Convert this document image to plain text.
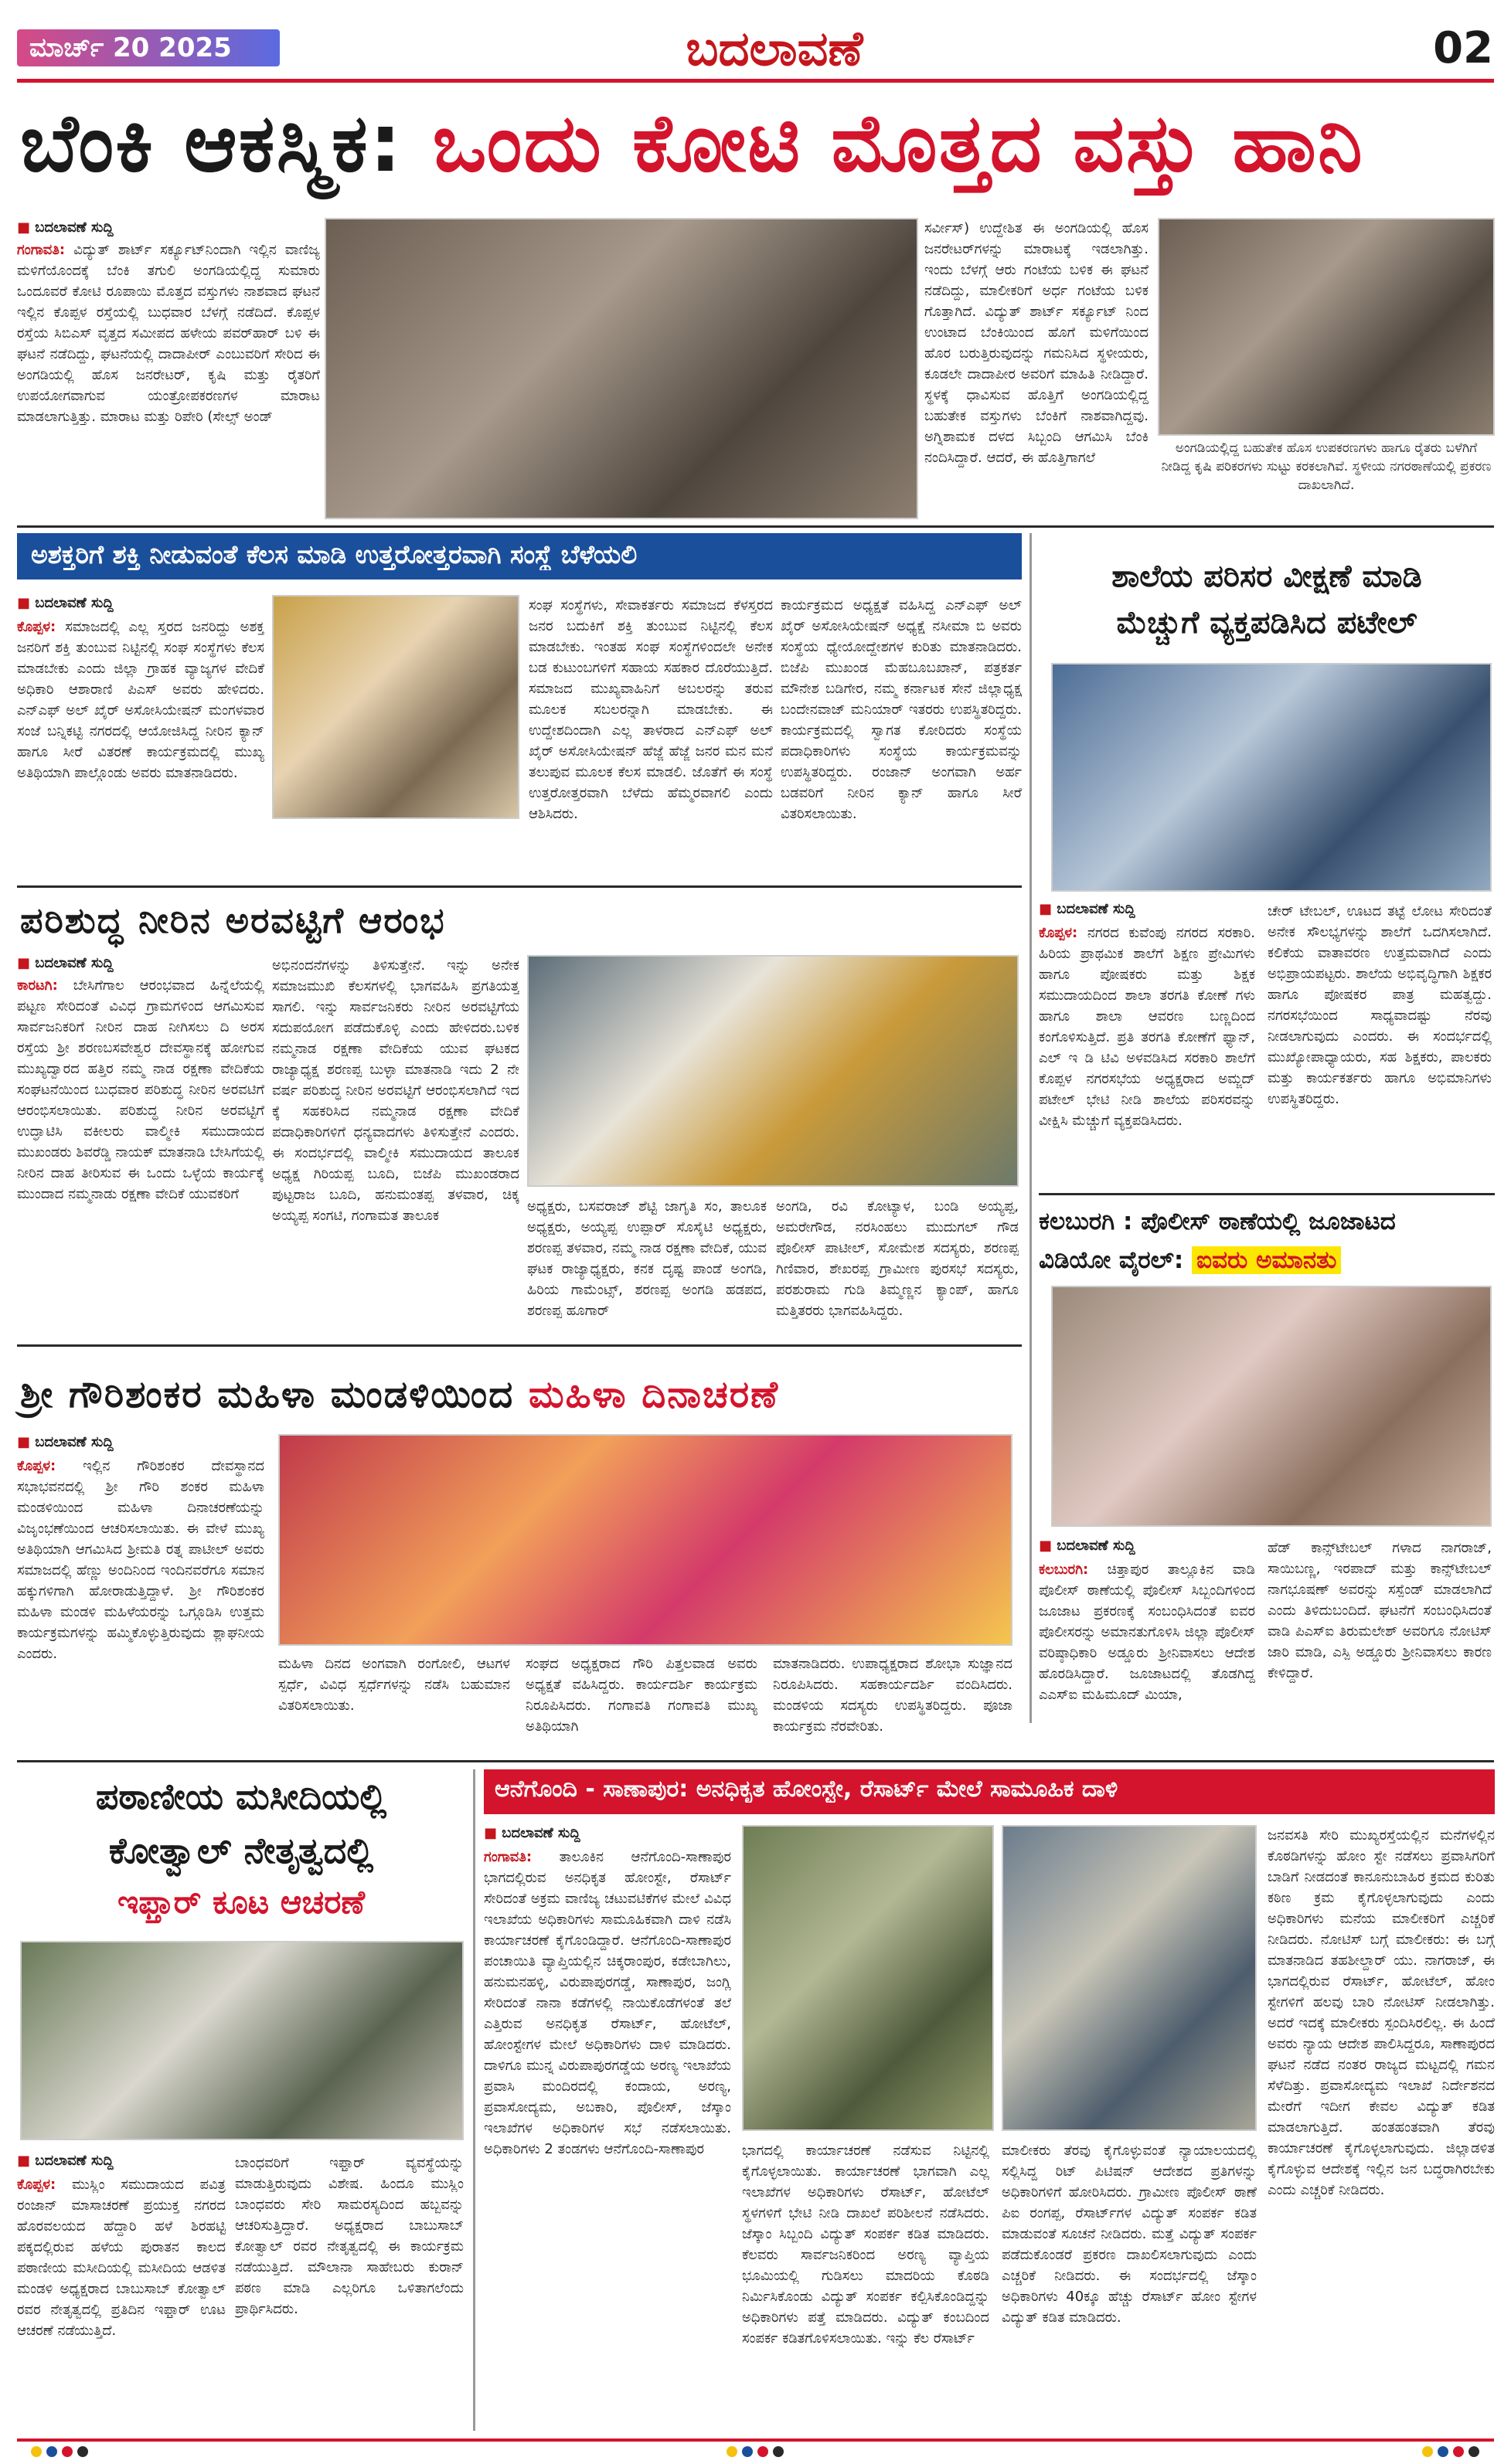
ಮಾರ್ಚ್ 20 2025	ಬದಲಾವಣೆ	02
ಬೆಂಕಿ ಆಕಸ್ಮಿಕ: ಒಂದು ಕೋಟಿ ಮೊತ್ತದ ವಸ್ತು ಹಾನಿ
■ ಬದಲಾವಣೆ ಸುದ್ದಿ
ಗಂಗಾವತಿ: ವಿದ್ಯುತ್ ಶಾರ್ಟ್ ಸರ್ಕ್ಯೂಟ್‌ನಿಂದಾಗಿ ಇಲ್ಲಿನ ವಾಣಿಜ್ಯ ಮಳಿಗೆಯೊಂದಕ್ಕೆ ಬೆಂಕಿ ತಗುಲಿ ಅಂಗಡಿಯಲ್ಲಿದ್ದ ಸುಮಾರು ಒಂದೂವರೆ ಕೋಟಿ ರೂಪಾಯಿ ಮೊತ್ತದ ವಸ್ತುಗಳು ನಾಶವಾದ ಘಟನೆ ಇಲ್ಲಿನ ಕೊಪ್ಪಳ ರಸ್ತೆಯಲ್ಲಿ ಬುಧವಾರ ಬೆಳಗ್ಗೆ ನಡೆದಿದೆ. ಕೊಪ್ಪಳ ರಸ್ತೆಯ ಸಿಬಿಎಸ್ ವೃತ್ತದ ಸಮೀಪದ ಹಳೇಯ ಪವರ್‌ಹಾರ್ ಬಳಿ ಈ ಘಟನೆ ನಡೆದಿದ್ದು, ಘಟನೆಯಲ್ಲಿ ದಾದಾಪೀರ್ ಎಂಬುವರಿಗೆ ಸೇರಿದ ಈ ಅಂಗಡಿಯಲ್ಲಿ ಹೊಸ ಜನರೇಟರ್, ಕೃಷಿ ಮತ್ತು ರೈತರಿಗೆ ಉಪಯೋಗವಾಗುವ ಯಂತ್ರೋಪಕರಣಗಳ ಮಾರಾಟ ಮಾಡಲಾಗುತ್ತಿತ್ತು. ಮಾರಾಟ ಮತ್ತು ರಿಪೇರಿ (ಸೇಲ್ಸ್ ಅಂಡ್
ಸರ್ವೀಸ್) ಉದ್ದೇಶಿತ ಈ ಅಂಗಡಿಯಲ್ಲಿ ಹೊಸ ಜನರೇಟರ್‌ಗಳನ್ನು ಮಾರಾಟಕ್ಕೆ ಇಡಲಾಗಿತ್ತು. ಇಂದು ಬೆಳಗ್ಗೆ ಆರು ಗಂಟೆಯ ಬಳಿಕ ಈ ಘಟನೆ ನಡೆದಿದ್ದು, ಮಾಲೀಕರಿಗೆ ಅರ್ಧ ಗಂಟೆಯ ಬಳಿಕ ಗೊತ್ತಾಗಿದೆ. ವಿದ್ಯುತ್ ಶಾರ್ಟ್ ಸರ್ಕ್ಯೂಟ್ ನಿಂದ ಉಂಟಾದ ಬೆಂಕಿಯಿಂದ ಹೊಗೆ ಮಳಿಗೆಯಿಂದ ಹೊರ ಬರುತ್ತಿರುವುದನ್ನು ಗಮನಿಸಿದ ಸ್ಥಳೀಯರು, ಕೂಡಲೇ ದಾದಾಪೀರ ಅವರಿಗೆ ಮಾಹಿತಿ ನೀಡಿದ್ದಾರೆ. ಸ್ಥಳಕ್ಕೆ ಧಾವಿಸುವ ಹೊತ್ತಿಗೆ ಅಂಗಡಿಯಲ್ಲಿದ್ದ ಬಹುತೇಕ ವಸ್ತುಗಳು ಬೆಂಕಿಗೆ ನಾಶವಾಗಿದ್ದವು. ಅಗ್ನಿಶಾಮಕ ದಳದ ಸಿಬ್ಬಂದಿ ಆಗಮಿಸಿ ಬೆಂಕಿ ನಂದಿಸಿದ್ದಾರೆ. ಆದರೆ, ಈ ಹೊತ್ತಿಗಾಗಲೆ
ಅಂಗಡಿಯಲ್ಲಿದ್ದ ಬಹುತೇಕ ಹೊಸ ಉಪಕರಣಗಳು ಹಾಗೂ ರೈತರು ಬಳೆಗಿಗೆ ನೀಡಿದ್ದ ಕೃಷಿ ಪರಿಕರಗಳು ಸುಟ್ಟು ಕರಕಲಾಗಿವೆ. ಸ್ಥಳೀಯ ನಗರಠಾಣೆಯಲ್ಲಿ ಪ್ರಕರಣ ದಾಖಲಾಗಿದೆ.
ಅಶಕ್ತರಿಗೆ ಶಕ್ತಿ ನೀಡುವಂತೆ ಕೆಲಸ ಮಾಡಿ ಉತ್ತರೋತ್ತರವಾಗಿ ಸಂಸ್ಥೆ ಬೆಳೆಯಲಿ
■ ಬದಲಾವಣೆ ಸುದ್ದಿ
ಕೊಪ್ಪಳ: ಸಮಾಜದಲ್ಲಿ ಎಲ್ಲ ಸ್ತರದ ಜನರಿದ್ದು ಅಶಕ್ತ ಜನರಿಗೆ ಶಕ್ತಿ ತುಂಬುವ ನಿಟ್ಟಿನಲ್ಲಿ ಸಂಘ ಸಂಸ್ಥೆಗಳು ಕೆಲಸ ಮಾಡಬೇಕು ಎಂದು ಜಿಲ್ಲಾ ಗ್ರಾಹಕ ವ್ಯಾಜ್ಯಗಳ ವೇದಿಕೆ ಅಧಿಕಾರಿ ಆಶಾರಾಣಿ ಪಿಎಸ್ ಅವರು ಹೇಳಿದರು. ಎನ್‌ಎಫ್ ಅಲ್ ಖೈರ್ ಅಸೋಸಿಯೇಷನ್ ಮಂಗಳವಾರ ಸಂಜೆ ಬನ್ನಿಕಟ್ಟಿ ನಗರದಲ್ಲಿ ಆಯೋಜಿಸಿದ್ದ ನೀರಿನ ಕ್ಯಾನ್ ಹಾಗೂ ಸೀರೆ ವಿತರಣೆ ಕಾರ್ಯಕ್ರಮದಲ್ಲಿ ಮುಖ್ಯ ಅತಿಥಿಯಾಗಿ ಪಾಲ್ಗೊಂಡು ಅವರು ಮಾತನಾಡಿದರು.
ಸಂಘ ಸಂಸ್ಥೆಗಳು, ಸೇವಾಕರ್ತರು ಸಮಾಜದ ಕೆಳಸ್ತರದ ಜನರ ಬದುಕಿಗೆ ಶಕ್ತಿ ತುಂಬುವ ನಿಟ್ಟಿನಲ್ಲಿ ಕೆಲಸ ಮಾಡಬೇಕು. ಇಂತಹ ಸಂಘ ಸಂಸ್ಥೆಗಳಿಂದಲೇ ಅನೇಕ ಬಡ ಕುಟುಂಬಗಳಿಗೆ ಸಹಾಯ ಸಹಕಾರ ದೊರೆಯುತ್ತಿದೆ. ಸಮಾಜದ ಮುಖ್ಯವಾಹಿನಿಗೆ ಅಬಲರನ್ನು ತರುವ ಮೂಲಕ ಸಬಲರನ್ನಾಗಿ ಮಾಡಬೇಕು. ಈ ಉದ್ದೇಶದಿಂದಾಗಿ ಎಲ್ಲ ತಾಳರಾದ ಎನ್‌ಎಫ್ ಅಲ್ ಖೈರ್ ಅಸೋಸಿಯೇಷನ್ ಹೆಜ್ಜೆ ಹೆಜ್ಜೆ ಜನರ ಮನ ಮನೆ ತಲುಪುವ ಮೂಲಕ ಕೆಲಸ ಮಾಡಲಿ. ಜೊತೆಗೆ ಈ ಸಂಸ್ಥೆ ಉತ್ತರೋತ್ತರವಾಗಿ ಬೆಳೆದು ಹೆಮ್ಮರವಾಗಲಿ ಎಂದು ಆಶಿಸಿದರು.
ಕಾರ್ಯಕ್ರಮದ ಅಧ್ಯಕ್ಷತೆ ವಹಿಸಿದ್ದ ಎನ್‌ಎಫ್ ಅಲ್ ಖೈರ್ ಅಸೋಸಿಯೇಷನ್ ಅಧ್ಯಕ್ಷೆ ನಸೀಮಾ ಬಿ ಅವರು ಸಂಸ್ಥೆಯ ಧ್ಯೇಯೋದ್ದೇಶಗಳ ಕುರಿತು ಮಾತನಾಡಿದರು. ಬಿಜೆಪಿ ಮುಖಂಡ ಮೆಹಬೂಬಖಾನ್, ಪತ್ರಕರ್ತ ಮೌನೇಶ ಬಡಿಗೇರ, ನಮ್ಮ ಕರ್ನಾಟಕ ಸೇನೆ ಜಿಲ್ಲಾಧ್ಯಕ್ಷ ಬಂದೇನವಾಜ್ ಮನಿಯಾರ್ ಇತರರು ಉಪಸ್ಥಿತರಿದ್ದರು. ಕಾರ್ಯಕ್ರಮದಲ್ಲಿ ಸ್ವಾಗತ ಕೋರಿದರು ಸಂಸ್ಥೆಯ ಪದಾಧಿಕಾರಿಗಳು ಸಂಸ್ಥೆಯ ಕಾರ್ಯಕ್ರಮವನ್ನು ಉಪಸ್ಥಿತರಿದ್ದರು. ರಂಜಾನ್ ಅಂಗವಾಗಿ ಅರ್ಹ ಬಡವರಿಗೆ ನೀರಿನ ಕ್ಯಾನ್ ಹಾಗೂ ಸೀರೆ ವಿತರಿಸಲಾಯಿತು.
ಶಾಲೆಯ ಪರಿಸರ ವೀಕ್ಷಣೆ ಮಾಡಿ
ಮೆಚ್ಚುಗೆ ವ್ಯಕ್ತಪಡಿಸಿದ ಪಟೇಲ್
■ ಬದಲಾವಣೆ ಸುದ್ದಿ
ಕೊಪ್ಪಳ: ನಗರದ ಕುವೆಂಪು ನಗರದ ಸರಕಾರಿ. ಹಿರಿಯ ಪ್ರಾಥಮಿಕ ಶಾಲೆಗೆ ಶಿಕ್ಷಣ ಪ್ರೇಮಿಗಳು ಹಾಗೂ ಪೋಷಕರು ಮತ್ತು ಶಿಕ್ಷಕ ಸಮುದಾಯದಿಂದ ಶಾಲಾ ತರಗತಿ ಕೋಣೆ ಗಳು ಹಾಗೂ ಶಾಲಾ ಆವರಣ ಬಣ್ಣದಿಂದ ಕಂಗೊಳಿಸುತ್ತಿದೆ. ಪ್ರತಿ ತರಗತಿ ಕೋಣೆಗೆ ಫ್ಯಾನ್, ಎಲ್ ಇ ಡಿ ಟಿವಿ ಅಳವಡಿಸಿದ ಸರಕಾರಿ ಶಾಲೆಗೆ ಕೊಪ್ಪಳ ನಗರಸಭೆಯ ಅಧ್ಯಕ್ಷರಾದ ಅಮ್ಜದ್ ಪಟೇಲ್ ಭೇಟಿ ನೀಡಿ ಶಾಲೆಯ ಪರಿಸರವನ್ನು ವೀಕ್ಷಿಸಿ ಮೆಚ್ಚುಗೆ ವ್ಯಕ್ತಪಡಿಸಿದರು.
ಚೇರ್ ಟೇಬಲ್, ಊಟದ ತಟ್ಟೆ ಲೋಟ ಸೇರಿದಂತೆ ಅನೇಕ ಸೌಲಭ್ಯಗಳನ್ನು ಶಾಲೆಗೆ ಒದಗಿಸಲಾಗಿದೆ. ಕಲಿಕೆಯ ವಾತಾವರಣ ಉತ್ತಮವಾಗಿದೆ ಎಂದು ಅಭಿಪ್ರಾಯಪಟ್ಟರು. ಶಾಲೆಯ ಅಭಿವೃದ್ಧಿಗಾಗಿ ಶಿಕ್ಷಕರ ಹಾಗೂ ಪೋಷಕರ ಪಾತ್ರ ಮಹತ್ವದ್ದು. ನಗರಸಭೆಯಿಂದ ಸಾಧ್ಯವಾದಷ್ಟು ನೆರವು ನೀಡಲಾಗುವುದು ಎಂದರು. ಈ ಸಂದರ್ಭದಲ್ಲಿ ಮುಖ್ಯೋಪಾಧ್ಯಾಯರು, ಸಹ ಶಿಕ್ಷಕರು, ಪಾಲಕರು ಮತ್ತು ಕಾರ್ಯಕರ್ತರು ಹಾಗೂ ಅಭಿಮಾನಿಗಳು ಉಪಸ್ಥಿತರಿದ್ದರು.
ಪರಿಶುದ್ಧ ನೀರಿನ ಅರವಟ್ಟಿಗೆ ಆರಂಭ
■ ಬದಲಾವಣೆ ಸುದ್ದಿ
ಕಾರಟಗಿ: ಬೇಸಿಗೆಗಾಲ ಆರಂಭವಾದ ಹಿನ್ನೆಲೆಯಲ್ಲಿ ಪಟ್ಟಣ ಸೇರಿದಂತೆ ವಿವಿಧ ಗ್ರಾಮಗಳಿಂದ ಆಗಮಿಸುವ ಸಾರ್ವಜನಿಕರಿಗೆ ನೀರಿನ ದಾಹ ನೀಗಿಸಲು ದಿ ಅರಸ ರಸ್ತೆಯ ಶ್ರೀ ಶರಣಬಸವೇಶ್ವರ ದೇವಸ್ಥಾನಕ್ಕೆ ಹೋಗುವ ಮುಖ್ಯದ್ವಾರದ ಹತ್ತಿರ ನಮ್ಮ ನಾಡ ರಕ್ಷಣಾ ವೇದಿಕೆಯ ಸಂಘಟನೆಯಿಂದ ಬುಧವಾರ ಪರಿಶುದ್ಧ ನೀರಿನ ಅರವಟಿಗೆ ಆರಂಭಿಸಲಾಯಿತು. ಪರಿಶುದ್ಧ ನೀರಿನ ಅರವಟ್ಟಿಗೆ ಉದ್ಘಾಟಿಸಿ ವಕೀಲರು ವಾಲ್ಮೀಕಿ ಸಮುದಾಯದ ಮುಖಂಡರು ಶಿವರೆಡ್ಡಿ ನಾಯಕ್ ಮಾತನಾಡಿ ಬೇಸಿಗೆಯಲ್ಲಿ ನೀರಿನ ದಾಹ ತೀರಿಸುವ ಈ ಒಂದು ಒಳ್ಳೆಯ ಕಾರ್ಯಕ್ಕೆ ಮುಂದಾದ ನಮ್ಮನಾಡು ರಕ್ಷಣಾ ವೇದಿಕೆ ಯುವಕರಿಗೆ
ಅಭಿನಂದನೆಗಳನ್ನು ತಿಳಿಸುತ್ತೇನೆ. ಇನ್ನು ಅನೇಕ ಸಮಾಜಮುಖಿ ಕೆಲಸಗಳಲ್ಲಿ ಭಾಗವಹಿಸಿ ಪ್ರಗತಿಯತ್ತ ಸಾಗಲಿ. ಇನ್ನು ಸಾರ್ವಜನಿಕರು ನೀರಿನ ಅರವಟ್ಟಿಗೆಯ ಸದುಪಯೋಗ ಪಡೆದುಕೊಳ್ಳಿ ಎಂದು ಹೇಳಿದರು.ಬಳಿಕ ನಮ್ಮನಾಡ ರಕ್ಷಣಾ ವೇದಿಕೆಯ ಯುವ ಘಟಕದ ರಾಜ್ಯಾಧ್ಯಕ್ಷ ಶರಣಪ್ಪ ಬುಳ್ಳಾ ಮಾತನಾಡಿ ಇದು 2 ನೇ ವರ್ಷ ಪರಿಶುದ್ಧ ನೀರಿನ ಅರವಟ್ಟಿಗೆ ಆರಂಭಿಸಲಾಗಿದೆ ಇದ ಕ್ಕೆ ಸಹಕರಿಸಿದ ನಮ್ಮನಾಡ ರಕ್ಷಣಾ ವೇದಿಕೆ ಪದಾಧಿಕಾರಿಗಳಿಗೆ ಧನ್ಯವಾದಗಳು ತಿಳಿಸುತ್ತೇನೆ ಎಂದರು. ಈ ಸಂದರ್ಭದಲ್ಲಿ ವಾಲ್ಮೀಕಿ ಸಮುದಾಯದ ತಾಲೂಕ ಅಧ್ಯಕ್ಷ ಗಿರಿಯಪ್ಪ ಬೂದಿ, ಬಿಜೆಪಿ ಮುಖಂಡರಾದ ಪುಟ್ಟರಾಜ ಬೂದಿ, ಹನುಮಂತಪ್ಪ ತಳವಾರ, ಚಿಕ್ಕ ಅಯ್ಯಪ್ಪ ಸಂಗಟಿ, ಗಂಗಾಮತ ತಾಲೂಕ
ಅಧ್ಯಕ್ಷರು, ಬಸವರಾಜ್ ಶೆಟ್ಟಿ ಜಾಗೃತಿ ಸಂ, ತಾಲೂಕ ಅಧ್ಯಕ್ಷರು, ಅಯ್ಯಪ್ಪ ಉಪ್ಪಾರ್ ಸೊಸೈಟಿ ಅಧ್ಯಕ್ಷರು, ಶರಣಪ್ಪ ತಳವಾರ, ನಮ್ಮ ನಾಡ ರಕ್ಷಣಾ ವೇದಿಕೆ, ಯುವ ಘಟಕ ರಾಜ್ಯಾಧ್ಯಕ್ಷರು, ಕನಕ ದೃಷ್ಟ ಪಾಂಡೆ ಅಂಗಡಿ, ಹಿರಿಯ ಗಾಮೆಂಟ್ಸ್, ಶರಣಪ್ಪ ಅಂಗಡಿ ಹಡಪದ, ಶರಣಪ್ಪ ಹೂಗಾರ್
ಅಂಗಡಿ, ರವಿ ಕೋಟ್ಯಾಳ, ಬಂಡಿ ಅಯ್ಯಪ್ಪ, ಅಮರೇಗೌಡ, ನರಸಿಂಹಲು ಮುದುಗಲ್ ಗೌಡ ಪೊಲೀಸ್ ಪಾಟೀಲ್, ಸೋಮೇಶ ಸದಸ್ಯರು, ಶರಣಪ್ಪ ಗಿಣಿವಾರ, ಶೇಖರಪ್ಪ ಗ್ರಾಮೀಣ ಪುರಸಭೆ ಸದಸ್ಯರು, ಪರಶುರಾಮ ಗುಡಿ ತಿಮ್ಮಣ್ಣನ ಕ್ಯಾಂಪ್, ಹಾಗೂ ಮತ್ತಿತರರು ಭಾಗವಹಿಸಿದ್ದರು.
ಕಲಬುರಗಿ : ಪೊಲೀಸ್ ಠಾಣೆಯಲ್ಲಿ ಜೂಜಾಟದ
ವಿಡಿಯೋ ವೈರಲ್: ಐವರು ಅಮಾನತು
■ ಬದಲಾವಣೆ ಸುದ್ದಿ
ಕಲಬುರಗಿ: ಚಿತ್ತಾಪುರ ತಾಲ್ಲೂಕಿನ ವಾಡಿ ಪೊಲೀಸ್ ಠಾಣೆಯಲ್ಲಿ ಪೊಲೀಸ್ ಸಿಬ್ಬಂದಿಗಳಿಂದ ಜೂಜಾಟ ಪ್ರಕರಣಕ್ಕೆ ಸಂಬಂಧಿಸಿದಂತೆ ಐವರ ಪೊಲೀಸರನ್ನು ಅಮಾನತುಗೊಳಿಸಿ ಜಿಲ್ಲಾ ಪೊಲೀಸ್ ವರಿಷ್ಠಾಧಿಕಾರಿ ಅಡ್ಡೂರು ಶ್ರೀನಿವಾಸಲು ಆದೇಶ ಹೊರಡಿಸಿದ್ದಾರೆ. ಜೂಜಾಟದಲ್ಲಿ ತೊಡಗಿದ್ದ ಎಎಸ್ಐ ಮಹಿಮೂದ್ ಮಿಯಾ,
ಹೆಡ್ ಕಾನ್ಸ್‌ಟೇಬಲ್ ಗಳಾದ ನಾಗರಾಜ್, ಸಾಯಿಬಣ್ಣ, ಇರಪಾದ್ ಮತ್ತು ಕಾನ್ಸ್‌ಟೇಬಲ್ ನಾಗಭೂಷಣ್ ಅವರನ್ನು ಸಸ್ಪೆಂಡ್ ಮಾಡಲಾಗಿದೆ ಎಂದು ತಿಳಿದುಬಂದಿದೆ. ಘಟನೆಗೆ ಸಂಬಂಧಿಸಿದಂತೆ ವಾಡಿ ಪಿಎಸ್ಐ ತಿರುಮಲೇಶ್ ಅವರಿಗೂ ನೋಟಿಸ್ ಜಾರಿ ಮಾಡಿ, ಎಸ್ಪಿ ಅಡ್ಡೂರು ಶ್ರೀನಿವಾಸಲು ಕಾರಣ ಕೇಳಿದ್ದಾರೆ.
ಶ್ರೀ ಗೌರಿಶಂಕರ ಮಹಿಳಾ ಮಂಡಳಿಯಿಂದ ಮಹಿಳಾ ದಿನಾಚರಣೆ
■ ಬದಲಾವಣೆ ಸುದ್ದಿ
ಕೊಪ್ಪಳ: ಇಲ್ಲಿನ ಗೌರಿಶಂಕರ ದೇವಸ್ಥಾನದ ಸಭಾಭವನದಲ್ಲಿ ಶ್ರೀ ಗೌರಿ ಶಂಕರ ಮಹಿಳಾ ಮಂಡಳಿಯಿಂದ ಮಹಿಳಾ ದಿನಾಚರಣೆಯನ್ನು ವಿಜೃಂಭಣೆಯಿಂದ ಆಚರಿಸಲಾಯಿತು. ಈ ವೇಳೆ ಮುಖ್ಯ ಅತಿಥಿಯಾಗಿ ಆಗಮಿಸಿದ ಶ್ರೀಮತಿ ರತ್ನ ಪಾಟೀಲ್ ಅವರು ಸಮಾಜದಲ್ಲಿ ಹೆಣ್ಣು ಅಂದಿನಿಂದ ಇಂದಿನವರೆಗೂ ಸಮಾನ ಹಕ್ಕುಗಳಿಗಾಗಿ ಹೋರಾಡುತ್ತಿದ್ದಾಳೆ. ಶ್ರೀ ಗೌರಿಶಂಕರ ಮಹಿಳಾ ಮಂಡಳಿ ಮಹಿಳೆಯರನ್ನು ಒಗ್ಗೂಡಿಸಿ ಉತ್ತಮ ಕಾರ್ಯಕ್ರಮಗಳನ್ನು ಹಮ್ಮಿಕೊಳ್ಳುತ್ತಿರುವುದು ಶ್ಲಾಘನೀಯ ಎಂದರು.
ಮಹಿಳಾ ದಿನದ ಅಂಗವಾಗಿ ರಂಗೋಲಿ, ಆಟಗಳ ಸ್ಪರ್ಧೆ, ವಿವಿಧ ಸ್ಪರ್ಧೆಗಳನ್ನು ನಡೆಸಿ ಬಹುಮಾನ ವಿತರಿಸಲಾಯಿತು.
ಸಂಘದ ಅಧ್ಯಕ್ಷರಾದ ಗೌರಿ ಪಿತ್ತಲವಾಡ ಅವರು ಅಧ್ಯಕ್ಷತೆ ವಹಿಸಿದ್ದರು. ಕಾರ್ಯದರ್ಶಿ ಕಾರ್ಯಕ್ರಮ ನಿರೂಪಿಸಿದರು. ಗಂಗಾವತಿ ಗಂಗಾವತಿ ಮುಖ್ಯ ಅತಿಥಿಯಾಗಿ
ಮಾತನಾಡಿದರು. ಉಪಾಧ್ಯಕ್ಷರಾದ ಶೋಭಾ ಸುಜ್ಞಾನದ ನಿರೂಪಿಸಿದರು. ಸಹಕಾರ್ಯದರ್ಶಿ ವಂದಿಸಿದರು. ಮಂಡಳಿಯ ಸದಸ್ಯರು ಉಪಸ್ಥಿತರಿದ್ದರು. ಪೂಜಾ ಕಾರ್ಯಕ್ರಮ ನೆರವೇರಿತು.
ಪಠಾಣೀಯ ಮಸೀದಿಯಲ್ಲಿ
ಕೋತ್ವಾಲ್ ನೇತೃತ್ವದಲ್ಲಿ
ಇಫ್ತಾರ್ ಕೂಟ ಆಚರಣೆ
■ ಬದಲಾವಣೆ ಸುದ್ದಿ
ಕೊಪ್ಪಳ: ಮುಸ್ಲಿಂ ಸಮುದಾಯದ ಪವಿತ್ರ ರಂಜಾನ್ ಮಾಸಾಚರಣೆ ಪ್ರಯುಕ್ತ ನಗರದ ಹೊರವಲಯದ ಹೆದ್ದಾರಿ ಹಳೆ ಶಿರಹಟ್ಟಿ ಪಕ್ಕದಲ್ಲಿರುವ ಹಳೆಯ ಪುರಾತನ ಕಾಲದ ಪಠಾಣೀಯ ಮಸೀದಿಯಲ್ಲಿ ಮಸೀದಿಯ ಆಡಳಿತ ಮಂಡಳಿ ಅಧ್ಯಕ್ಷರಾದ ಬಾಬುಸಾಬ್ ಕೋತ್ವಾಲ್ ರವರ ನೇತೃತ್ವದಲ್ಲಿ ಪ್ರತಿದಿನ ಇಫ್ತಾರ್ ಊಟ ಆಚರಣೆ ನಡೆಯುತ್ತಿದೆ.
ಬಾಂಧವರಿಗೆ ಇಫ್ತಾರ್ ವ್ಯವಸ್ಥೆಯನ್ನು ಮಾಡುತ್ತಿರುವುದು ವಿಶೇಷ. ಹಿಂದೂ ಮುಸ್ಲಿಂ ಬಾಂಧವರು ಸೇರಿ ಸಾಮರಸ್ಯದಿಂದ ಹಬ್ಬವನ್ನು ಆಚರಿಸುತ್ತಿದ್ದಾರೆ. ಅಧ್ಯಕ್ಷರಾದ ಬಾಬುಸಾಬ್ ಕೋತ್ವಾಲ್ ರವರ ನೇತೃತ್ವದಲ್ಲಿ ಈ ಕಾರ್ಯಕ್ರಮ ನಡೆಯುತ್ತಿದೆ. ಮೌಲಾನಾ ಸಾಹೇಬರು ಕುರಾನ್ ಪಠಣ ಮಾಡಿ ಎಲ್ಲರಿಗೂ ಒಳಿತಾಗಲೆಂದು ಪ್ರಾರ್ಥಿಸಿದರು.
ಆನೆಗೊಂದಿ - ಸಾಣಾಪುರ: ಅನಧಿಕೃತ ಹೋಂಸ್ಟೇ, ರೆಸಾರ್ಟ್ ಮೇಲೆ ಸಾಮೂಹಿಕ ದಾಳಿ
■ ಬದಲಾವಣೆ ಸುದ್ದಿ
ಗಂಗಾವತಿ: ತಾಲೂಕಿನ ಆನೆಗೊಂದಿ-ಸಾಣಾಪುರ ಭಾಗದಲ್ಲಿರುವ ಅನಧಿಕೃತ ಹೋಂಸ್ಟೇ, ರೆಸಾರ್ಟ್ ಸೇರಿದಂತೆ ಅಕ್ರಮ ವಾಣಿಜ್ಯ ಚಟುವಟಿಕೆಗಳ ಮೇಲೆ ವಿವಿಧ ಇಲಾಖೆಯ ಅಧಿಕಾರಿಗಳು ಸಾಮೂಹಿಕವಾಗಿ ದಾಳಿ ನಡೆಸಿ ಕಾರ್ಯಾಚರಣೆ ಕೈಗೊಂಡಿದ್ದಾರೆ. ಆನೆಗೊಂದಿ-ಸಾಣಾಪುರ ಪಂಚಾಯಿತಿ ವ್ಯಾಪ್ತಿಯಲ್ಲಿನ ಚಿಕ್ಕರಾಂಪುರ, ಕಡೇಬಾಗಿಲು, ಹನುಮನಹಳ್ಳಿ, ವಿರುಪಾಪುರಗಡ್ಡೆ, ಸಾಣಾಪುರ, ಜಂಗ್ಲಿ ಸೇರಿದಂತೆ ನಾನಾ ಕಡೆಗಳಲ್ಲಿ ನಾಯಿಕೊಡೆಗಳಂತೆ ತಲೆ ಎತ್ತಿರುವ ಅನಧಿಕೃತ ರೆಸಾರ್ಟ್, ಹೋಟೆಲ್, ಹೋಂಸ್ಟೇಗಳ ಮೇಲೆ ಅಧಿಕಾರಿಗಳು ದಾಳಿ ಮಾಡಿದರು. ದಾಳಿಗೂ ಮುನ್ನ ವಿರುಪಾಪುರಗಡ್ಡೆಯ ಅರಣ್ಯ ಇಲಾಖೆಯ ಪ್ರವಾಸಿ ಮಂದಿರದಲ್ಲಿ ಕಂದಾಯ, ಅರಣ್ಯ, ಪ್ರವಾಸೋದ್ಯಮ, ಅಬಕಾರಿ, ಪೊಲೀಸ್, ಜೆಸ್ಕಾಂ ಇಲಾಖೆಗಳ ಅಧಿಕಾರಿಗಳ ಸಭೆ ನಡೆಸಲಾಯಿತು. ಅಧಿಕಾರಿಗಳು 2 ತಂಡಗಳು ಆನೆಗೊಂದಿ-ಸಾಣಾಪುರ	ಭಾಗದಲ್ಲಿ ಕಾರ್ಯಾಚರಣೆ ನಡೆಸುವ ನಿಟ್ಟಿನಲ್ಲಿ ಕೈಗೊಳ್ಳಲಾಯಿತು. ಕಾರ್ಯಾಚರಣೆ ಭಾಗವಾಗಿ ಎಲ್ಲ ಇಲಾಖೆಗಳ ಅಧಿಕಾರಿಗಳು ರೆಸಾರ್ಟ್, ಹೋಟೆಲ್ ಸ್ಥಳಗಳಿಗೆ ಭೇಟಿ ನೀಡಿ ದಾಖಲೆ ಪರಿಶೀಲನೆ ನಡೆಸಿದರು. ಜೆಸ್ಕಾಂ ಸಿಬ್ಬಂದಿ ವಿದ್ಯುತ್ ಸಂಪರ್ಕ ಕಡಿತ ಮಾಡಿದರು. ಕೆಲವರು ಸಾರ್ವಜನಿಕರಿಂದ ಅರಣ್ಯ ವ್ಯಾಪ್ತಿಯ ಭೂಮಿಯಲ್ಲಿ ಗುಡಿಸಲು ಮಾದರಿಯ ಕೊಠಡಿ ನಿರ್ಮಿಸಿಕೊಂಡು ವಿದ್ಯುತ್ ಸಂಪರ್ಕ ಕಲ್ಪಿಸಿಕೊಂಡಿದ್ದನ್ನು ಅಧಿಕಾರಿಗಳು ಪತ್ತೆ ಮಾಡಿದರು. ವಿದ್ಯುತ್ ಕಂಬದಿಂದ ಸಂಪರ್ಕ ಕಡಿತಗೊಳಿಸಲಾಯಿತು. ಇನ್ನು ಕೆಲ ರೆಸಾರ್ಟ್
ಮಾಲೀಕರು ತೆರವು ಕೈಗೊಳ್ಳುವಂತೆ ನ್ಯಾಯಾಲಯದಲ್ಲಿ ಸಲ್ಲಿಸಿದ್ದ ರಿಟ್ ಪಿಟಿಷನ್ ಆದೇಶದ ಪ್ರತಿಗಳನ್ನು ಅಧಿಕಾರಿಗಳಿಗೆ ಹೋರಿಸಿದರು. ಗ್ರಾಮೀಣ ಪೊಲೀಸ್ ಠಾಣೆ ಪಿಐ ರಂಗಪ್ಪ, ರೆಸಾರ್ಟ್‌ಗಳ ವಿದ್ಯುತ್ ಸಂಪರ್ಕ ಕಡಿತ ಮಾಡುವಂತೆ ಸೂಚನೆ ನೀಡಿದರು. ಮತ್ತೆ ವಿದ್ಯುತ್ ಸಂಪರ್ಕ ಪಡೆದುಕೊಂಡರೆ ಪ್ರಕರಣ ದಾಖಲಿಸಲಾಗುವುದು ಎಂದು ಎಚ್ಚರಿಕೆ ನೀಡಿದರು. ಈ ಸಂದರ್ಭದಲ್ಲಿ ಜೆಸ್ಕಾಂ ಅಧಿಕಾರಿಗಳು 40ಕ್ಕೂ ಹೆಚ್ಚು ರೆಸಾರ್ಟ್ ಹೋಂ ಸ್ಟೇಗಳ ವಿದ್ಯುತ್ ಕಡಿತ ಮಾಡಿದರು.
ಜನವಸತಿ ಸೇರಿ ಮುಖ್ಯರಸ್ತೆಯಲ್ಲಿನ ಮನೆಗಳಲ್ಲಿನ ಕೊಠಡಿಗಳನ್ನು ಹೋಂ ಸ್ಟೇ ನಡೆಸಲು ಪ್ರವಾಸಿಗರಿಗೆ ಬಾಡಿಗೆ ನೀಡದಂತೆ ಕಾನೂನುಬಾಹಿರ ಕ್ರಮದ ಕುರಿತು ಕಠಿಣ ಕ್ರಮ ಕೈಗೊಳ್ಳಲಾಗುವುದು ಎಂದು ಅಧಿಕಾರಿಗಳು ಮನೆಯ ಮಾಲೀಕರಿಗೆ ಎಚ್ಚರಿಕೆ ನೀಡಿದರು. ನೋಟಿಸ್ ಬಗ್ಗೆ ಮಾಲೀಕರು: ಈ ಬಗ್ಗೆ ಮಾತನಾಡಿದ ತಹಶೀಲ್ದಾರ್ ಯು. ನಾಗರಾಜ್, ಈ ಭಾಗದಲ್ಲಿರುವ ರೆಸಾರ್ಟ್, ಹೋಟೆಲ್, ಹೋಂ ಸ್ಟೇಗಳಿಗೆ ಹಲವು ಬಾರಿ ನೋಟಿಸ್ ನೀಡಲಾಗಿತ್ತು. ಅದರೆ ಇದಕ್ಕೆ ಮಾಲೀಕರು ಸ್ಪಂದಿಸಿರಲಿಲ್ಲ. ಈ ಹಿಂದೆ ಅವರು ನ್ಯಾಯ ಆದೇಶ ಪಾಲಿಸಿದ್ದರೂ, ಸಾಣಾಪುರದ ಘಟನೆ ನಡೆದ ನಂತರ ರಾಜ್ಯದ ಮಟ್ಟದಲ್ಲಿ ಗಮನ ಸೆಳೆದಿತ್ತು. ಪ್ರವಾಸೋದ್ಯಮ ಇಲಾಖೆ ನಿರ್ದೇಶನದ ಮೇರೆಗೆ ಇದೀಗ ಕೇವಲ ವಿದ್ಯುತ್ ಕಡಿತ ಮಾಡಲಾಗುತ್ತಿದೆ. ಹಂತಹಂತವಾಗಿ ತೆರವು ಕಾರ್ಯಾಚರಣೆ ಕೈಗೊಳ್ಳಲಾಗುವುದು. ಜಿಲ್ಲಾಡಳಿತ ಕೈಗೊಳ್ಳುವ ಆದೇಶಕ್ಕೆ ಇಲ್ಲಿನ ಜನ ಬದ್ಧರಾಗಿರಬೇಕು ಎಂದು ಎಚ್ಚರಿಕೆ ನೀಡಿದರು.
